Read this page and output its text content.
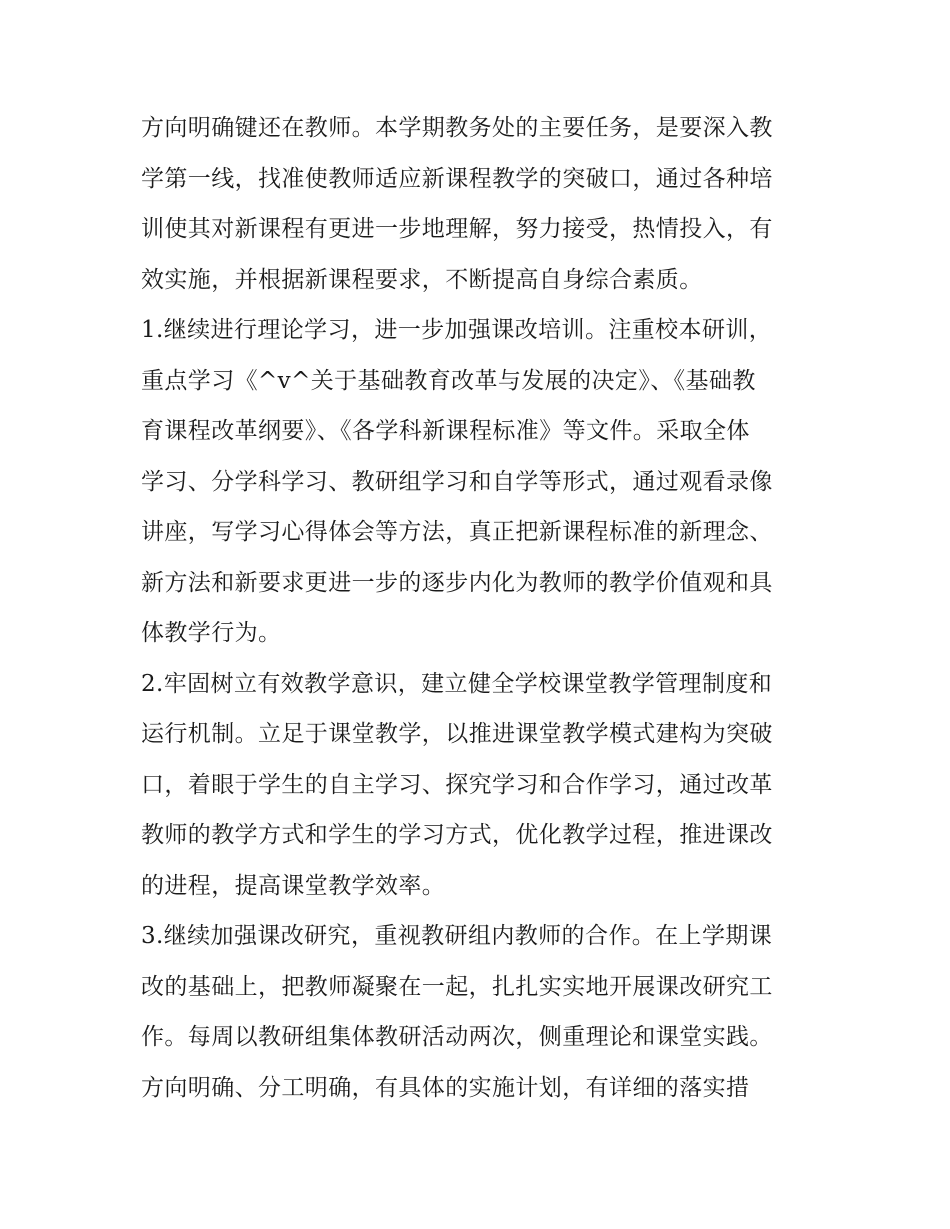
方向明确键还在教师。本学期教务处的主要任务，是要深入教
学第一线，找准使教师适应新课程教学的突破口，通过各种培
训使其对新课程有更进一步地理解，努力接受，热情投入，有
效实施，并根据新课程要求，不断提高自身综合素质。
1.继续进行理论学习，进一步加强课改培训。注重校本研训，
重点学习《^v^关于基础教育改革与发展的决定》、《基础教
育课程改革纲要》、《各学科新课程标准》等文件。采取全体
学习、分学科学习、教研组学习和自学等形式，通过观看录像
讲座，写学习心得体会等方法，真正把新课程标准的新理念、
新方法和新要求更进一步的逐步内化为教师的教学价值观和具
体教学行为。
2.牢固树立有效教学意识，建立健全学校课堂教学管理制度和
运行机制。立足于课堂教学，以推进课堂教学模式建构为突破
口，着眼于学生的自主学习、探究学习和合作学习，通过改革
教师的教学方式和学生的学习方式，优化教学过程，推进课改
的进程，提高课堂教学效率。
3.继续加强课改研究，重视教研组内教师的合作。在上学期课
改的基础上，把教师凝聚在一起，扎扎实实地开展课改研究工
作。每周以教研组集体教研活动两次，侧重理论和课堂实践。
方向明确、分工明确，有具体的实施计划，有详细的落实措
